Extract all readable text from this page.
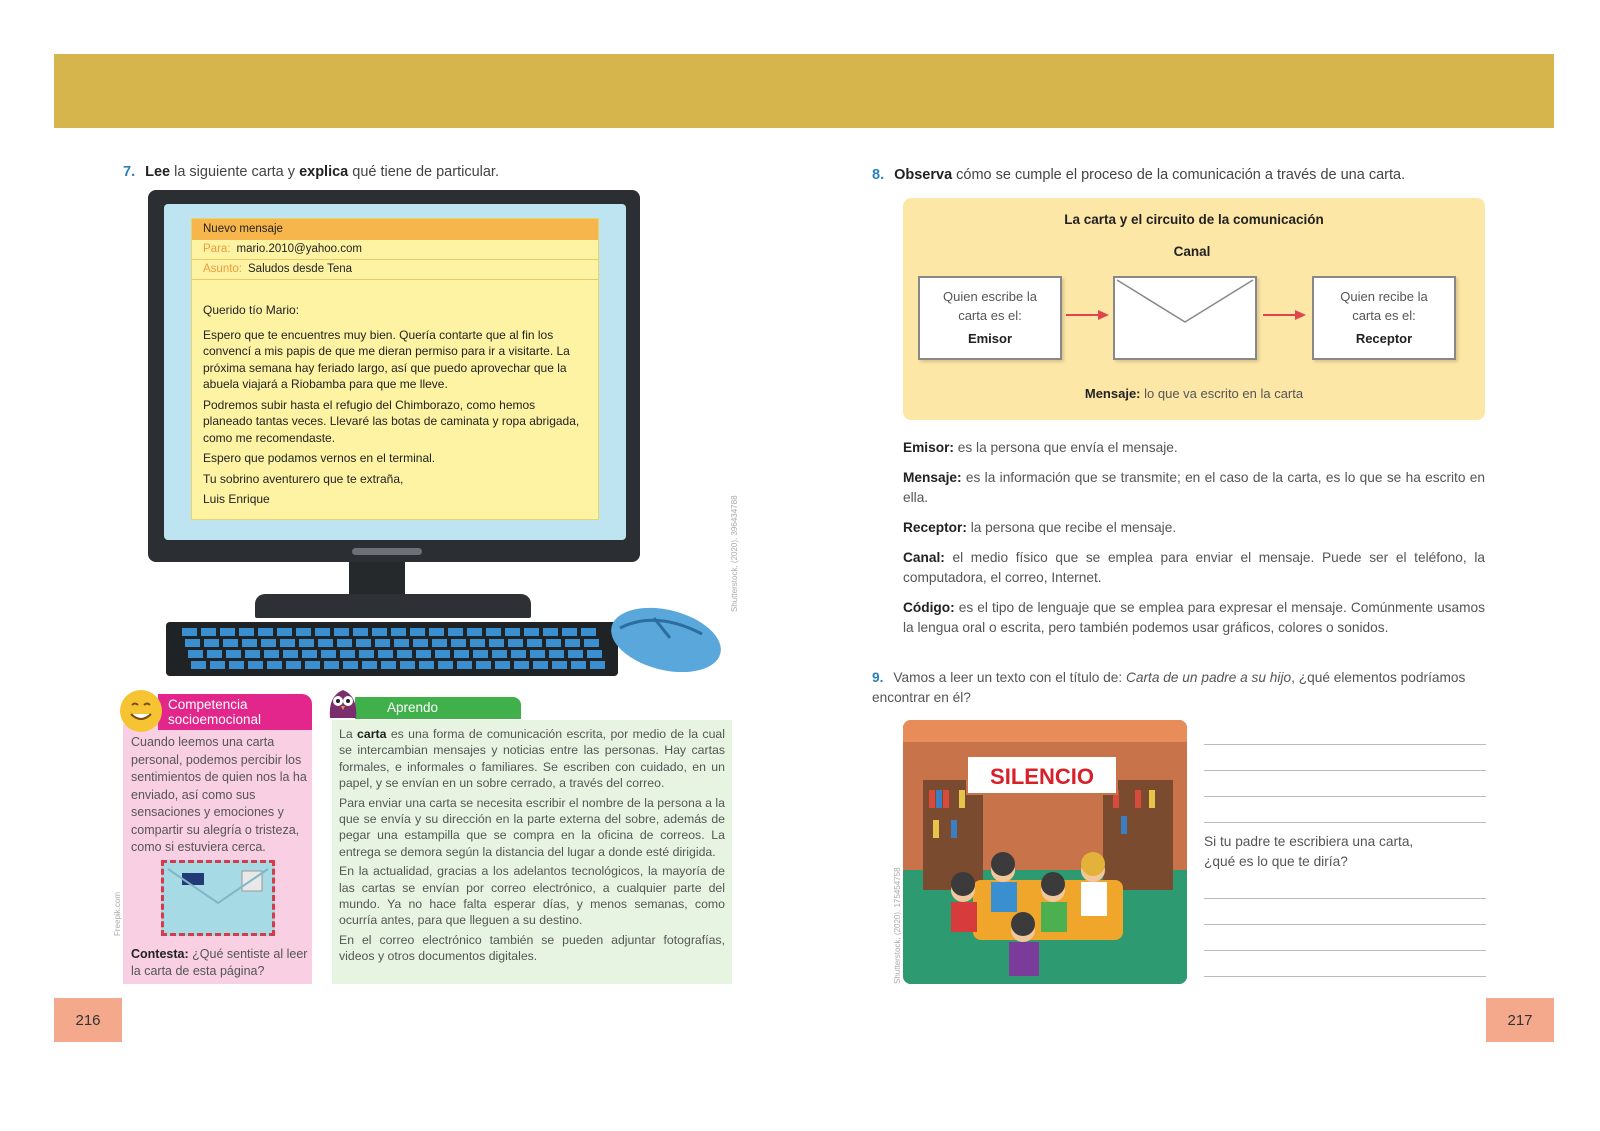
7. Lee la siguiente carta y explica qué tiene de particular.
Nuevo mensaje
Para: mario.2010@yahoo.com
Asunto: Saludos desde Tena

Querido tío Mario:

Espero que te encuentres muy bien. Quería contarte que al fin los convencí a mis papis de que me dieran permiso para ir a visitarte. La próxima semana hay feriado largo, así que puedo aprovechar que la abuela viajará a Riobamba para que me lleve.

Podremos subir hasta el refugio del Chimborazo, como hemos planeado tantas veces. Llevaré las botas de caminata y ropa abrigada, como me recomendaste.

Espero que podamos vernos en el terminal.

Tu sobrino aventurero que te extraña,

Luis Enrique	Shutterstock, (2020). 396434788
Competencia
socioemocional
Cuando leemos una carta personal, podemos percibir los sentimientos de quien nos la ha enviado, así como sus sensaciones y emociones y compartir su alegría o tristeza, como si estuviera cerca.
Contesta: ¿Qué sentiste al leer la carta de esta página?
Freepik.com
Aprendo

La carta es una forma de comunicación escrita, por medio de la cual se intercambian mensajes y noticias entre las personas. Hay cartas formales, e informales o familiares. Se escriben con cuidado, en un papel, y se envían en un sobre cerrado, a través del correo.

Para enviar una carta se necesita escribir el nombre de la persona a la que se envía y su dirección en la parte externa del sobre, además de pegar una estampilla que se compra en la oficina de correos. La entrega se demora según la distancia del lugar a donde esté dirigida.

En la actualidad, gracias a los adelantos tecnológicos, la mayoría de las cartas se envían por correo electrónico, a cualquier parte del mundo. Ya no hace falta esperar días, y menos semanas, como ocurría antes, para que lleguen a su destino.

En el correo electrónico también se pueden adjuntar fotografías, videos y otros documentos digitales.

216
8. Observa cómo se cumple el proceso de la comunicación a través de una carta.
La carta y el circuito de la comunicación
Canal
Quien escribe la carta es el:
Emisor
Quien recibe la carta es el:
Receptor
Mensaje: lo que va escrito en la carta

Emisor: es la persona que envía el mensaje.

Mensaje: es la información que se transmite; en el caso de la carta, es lo que se ha escrito en ella.

Receptor: la persona que recibe el mensaje.

Canal: el medio físico que se emplea para enviar el mensaje. Puede ser el teléfono, la computadora, el correo, Internet.

Código: es el tipo de lenguaje que se emplea para expresar el mensaje. Comúnmente usamos la lengua oral o escrita, pero también podemos usar gráficos, colores o sonidos.

9. Vamos a leer un texto con el título de: Carta de un padre a su hijo, ¿qué elementos podríamos encontrar en él?
SILENCIO
Shutterstock, (2020). 175454758
Si tu padre te escribiera una carta, ¿qué es lo que te diría?
217
